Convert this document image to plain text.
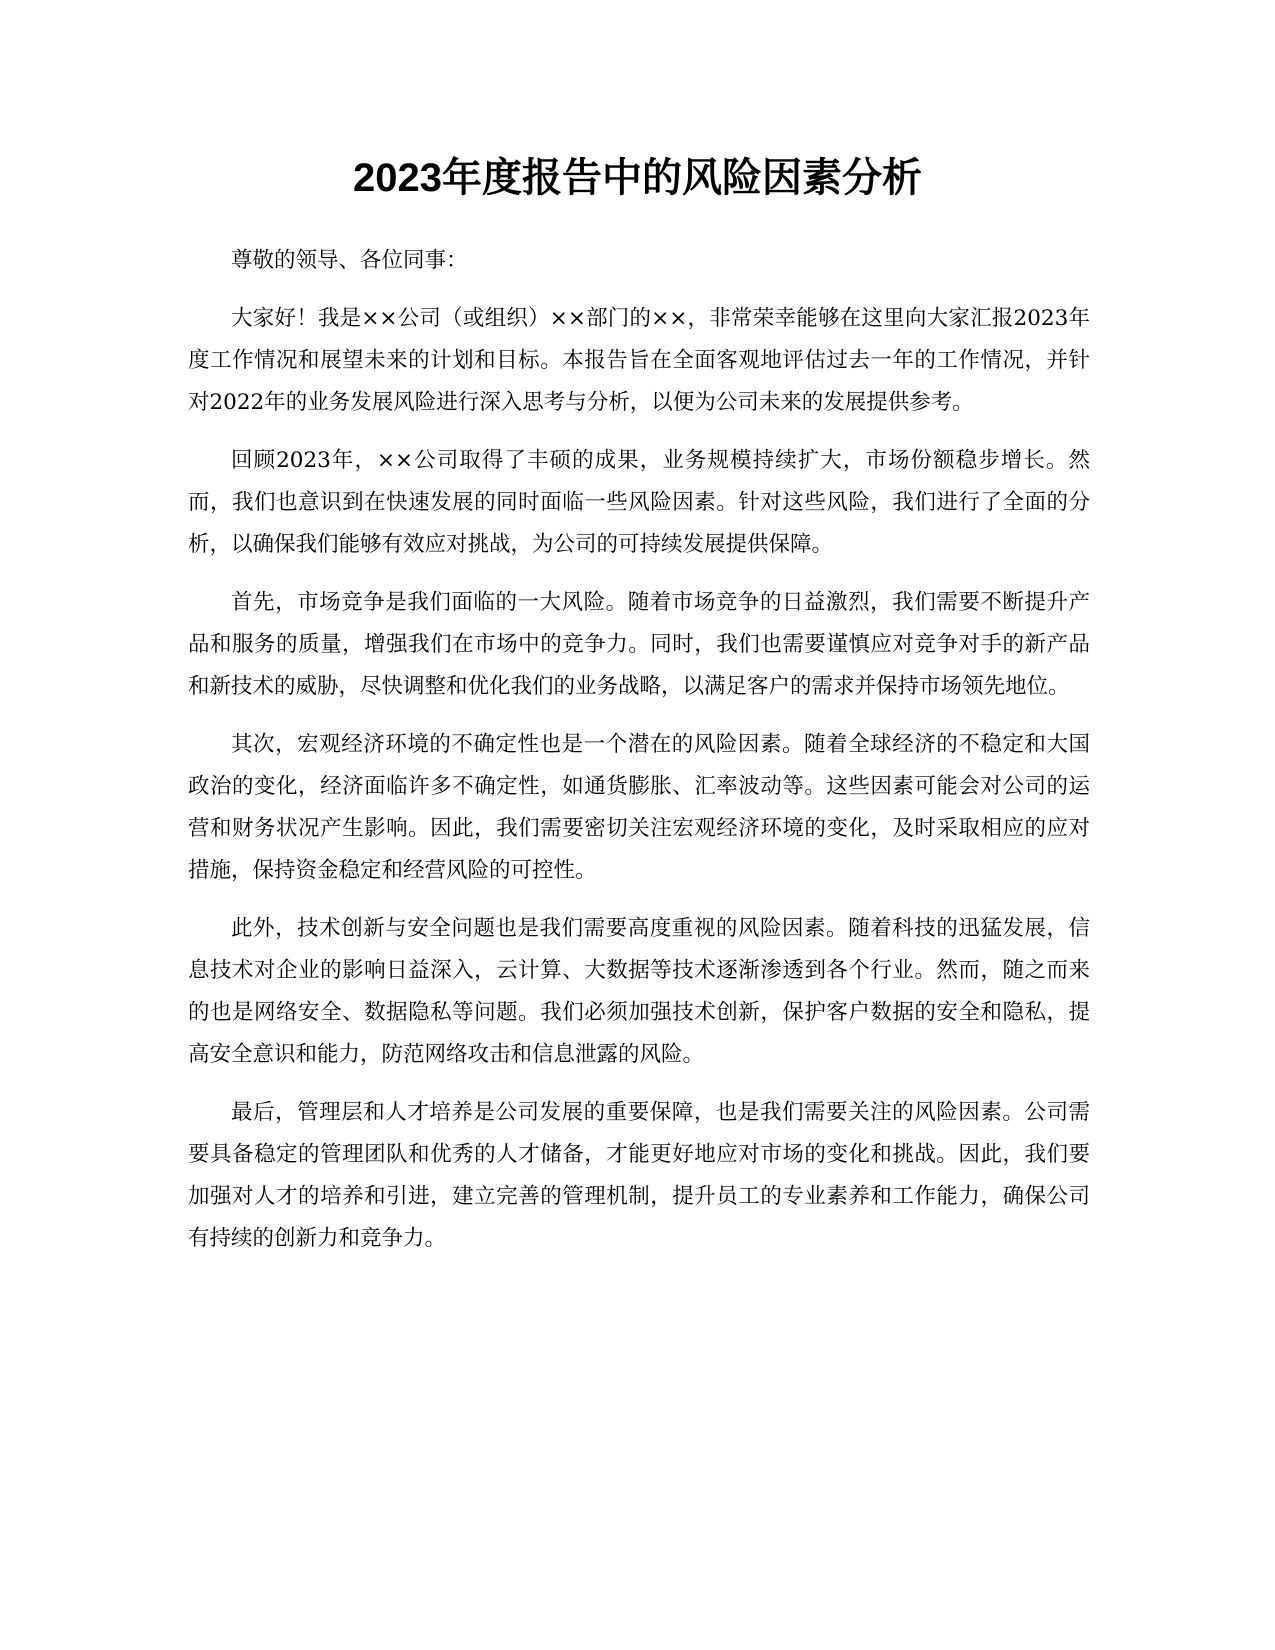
2023年度报告中的风险因素分析

尊敬的领导、各位同事：

大家好！我是××公司（或组织）××部门的××，非常荣幸能够在这里向大家汇报2023年度工作情况和展望未来的计划和目标。本报告旨在全面客观地评估过去一年的工作情况，并针对2022年的业务发展风险进行深入思考与分析，以便为公司未来的发展提供参考。

回顾2023年，××公司取得了丰硕的成果，业务规模持续扩大，市场份额稳步增长。然而，我们也意识到在快速发展的同时面临一些风险因素。针对这些风险，我们进行了全面的分析，以确保我们能够有效应对挑战，为公司的可持续发展提供保障。

首先，市场竞争是我们面临的一大风险。随着市场竞争的日益激烈，我们需要不断提升产品和服务的质量，增强我们在市场中的竞争力。同时，我们也需要谨慎应对竞争对手的新产品和新技术的威胁，尽快调整和优化我们的业务战略，以满足客户的需求并保持市场领先地位。

其次，宏观经济环境的不确定性也是一个潜在的风险因素。随着全球经济的不稳定和大国政治的变化，经济面临许多不确定性，如通货膨胀、汇率波动等。这些因素可能会对公司的运营和财务状况产生影响。因此，我们需要密切关注宏观经济环境的变化，及时采取相应的应对措施，保持资金稳定和经营风险的可控性。

此外，技术创新与安全问题也是我们需要高度重视的风险因素。随着科技的迅猛发展，信息技术对企业的影响日益深入，云计算、大数据等技术逐渐渗透到各个行业。然而，随之而来的也是网络安全、数据隐私等问题。我们必须加强技术创新，保护客户数据的安全和隐私，提高安全意识和能力，防范网络攻击和信息泄露的风险。

最后，管理层和人才培养是公司发展的重要保障，也是我们需要关注的风险因素。公司需要具备稳定的管理团队和优秀的人才储备，才能更好地应对市场的变化和挑战。因此，我们要加强对人才的培养和引进，建立完善的管理机制，提升员工的专业素养和工作能力，确保公司有持续的创新力和竞争力。
